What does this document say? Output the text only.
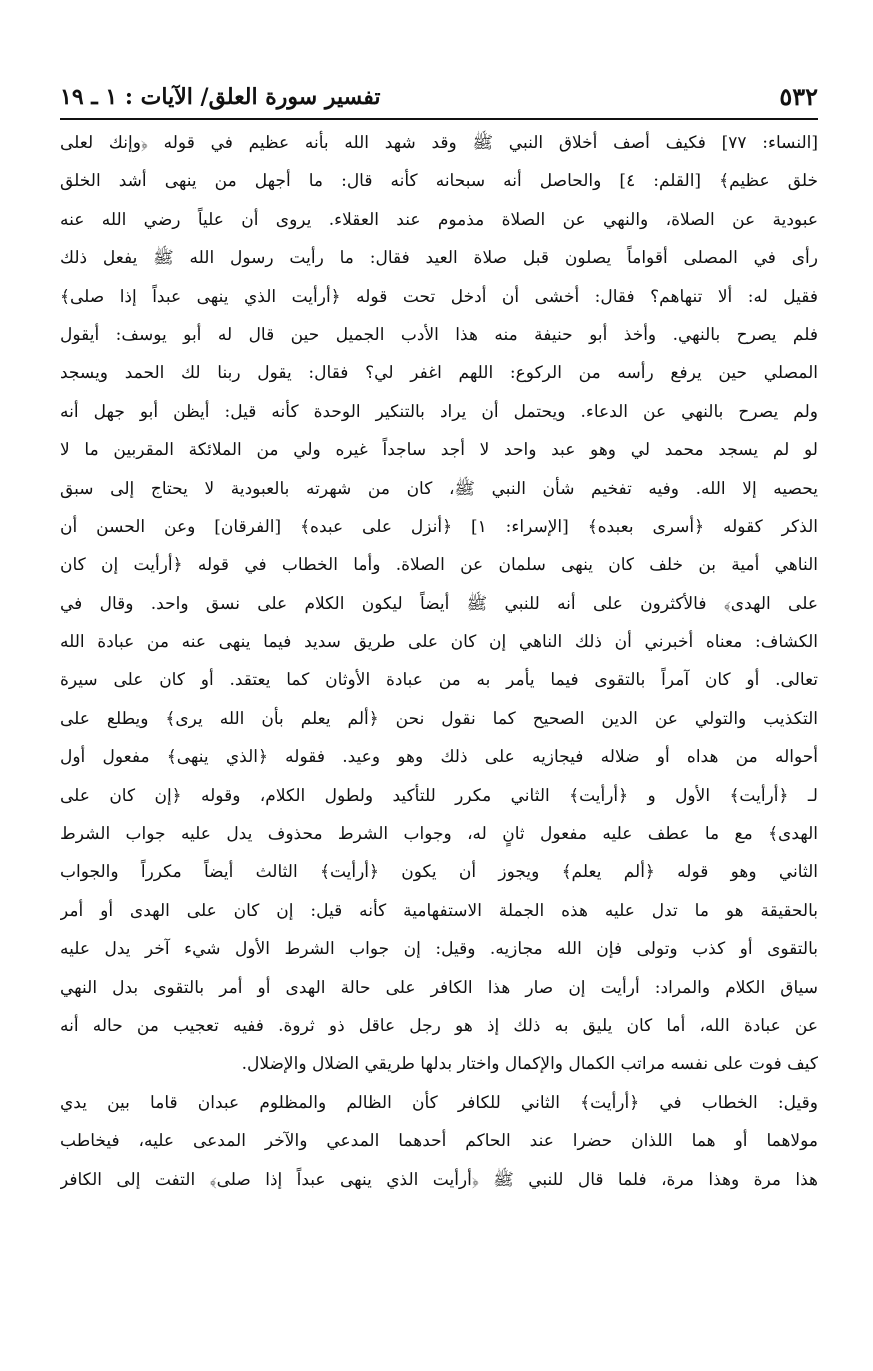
٥٣٢
تفسير سورة العلق/ الآيات : ١ ـ ١٩
[النساء: ٧٧] فكيف أصف أخلاق النبي ﷺ وقد شهد الله بأنه عظيم في قوله ﴿وإنك لعلى
خلق عظيم﴾ [القلم: ٤] والحاصل أنه سبحانه كأنه قال: ما أجهل من ينهى أشد الخلق
عبودية عن الصلاة، والنهي عن الصلاة مذموم عند العقلاء. يروى أن علياً رضي الله عنه
رأى في المصلى أقواماً يصلون قبل صلاة العيد فقال: ما رأيت رسول الله ﷺ يفعل ذلك
فقيل له: ألا تنهاهم؟ فقال: أخشى أن أدخل تحت قوله ﴿أرأيت الذي ينهى عبداً إذا صلى﴾
فلم يصرح بالنهي. وأخذ أبو حنيفة منه هذا الأدب الجميل حين قال له أبو يوسف: أيقول
المصلي حين يرفع رأسه من الركوع: اللهم اغفر لي؟ فقال: يقول ربنا لك الحمد ويسجد
ولم يصرح بالنهي عن الدعاء. ويحتمل أن يراد بالتنكير الوحدة كأنه قيل: أيظن أبو جهل أنه
لو لم يسجد محمد لي وهو عبد واحد لا أجد ساجداً غيره ولي من الملائكة المقربين ما لا
يحصيه إلا الله. وفيه تفخيم شأن النبي ﷺ، كان من شهرته بالعبودية لا يحتاج إلى سبق
الذكر كقوله ﴿أسرى بعبده﴾ [الإسراء: ١] ﴿أنزل على عبده﴾ [الفرقان] وعن الحسن أن
الناهي أمية بن خلف كان ينهى سلمان عن الصلاة. وأما الخطاب في قوله ﴿أرأيت إن كان
على الهدى﴾ فالأكثرون على أنه للنبي ﷺ أيضاً ليكون الكلام على نسق واحد. وقال في
الكشاف: معناه أخبرني أن ذلك الناهي إن كان على طريق سديد فيما ينهى عنه من عبادة الله
تعالى. أو كان آمراً بالتقوى فيما يأمر به من عبادة الأوثان كما يعتقد. أو كان على سيرة
التكذيب والتولي عن الدين الصحيح كما نقول نحن ﴿ألم يعلم بأن الله يرى﴾ ويطلع على
أحواله من هداه أو ضلاله فيجازيه على ذلك وهو وعيد. فقوله ﴿الذي ينهى﴾ مفعول أول
لـ ﴿أرأيت﴾ الأول و ﴿أرأيت﴾ الثاني مكرر للتأكيد ولطول الكلام، وقوله ﴿إن كان على
الهدى﴾ مع ما عطف عليه مفعول ثانٍ له، وجواب الشرط محذوف يدل عليه جواب الشرط
الثاني وهو قوله ﴿ألم يعلم﴾ ويجوز أن يكون ﴿أرأيت﴾ الثالث أيضاً مكرراً والجواب
بالحقيقة هو ما تدل عليه هذه الجملة الاستفهامية كأنه قيل: إن كان على الهدى أو أمر
بالتقوى أو كذب وتولى فإن الله مجازيه. وقيل: إن جواب الشرط الأول شيء آخر يدل عليه
سياق الكلام والمراد: أرأيت إن صار هذا الكافر على حالة الهدى أو أمر بالتقوى بدل النهي
عن عبادة الله، أما كان يليق به ذلك إذ هو رجل عاقل ذو ثروة. ففيه تعجيب من حاله أنه
كيف فوت على نفسه مراتب الكمال والإكمال واختار بدلها طريقي الضلال والإضلال.
وقيل: الخطاب في ﴿أرأيت﴾ الثاني للكافر كأن الظالم والمظلوم عبدان قاما بين يدي
مولاهما أو هما اللذان حضرا عند الحاكم أحدهما المدعي والآخر المدعى عليه، فيخاطب
هذا مرة وهذا مرة، فلما قال للنبي ﷺ ﴿أرأيت الذي ينهى عبداً إذا صلى﴾ التفت إلى الكافر
